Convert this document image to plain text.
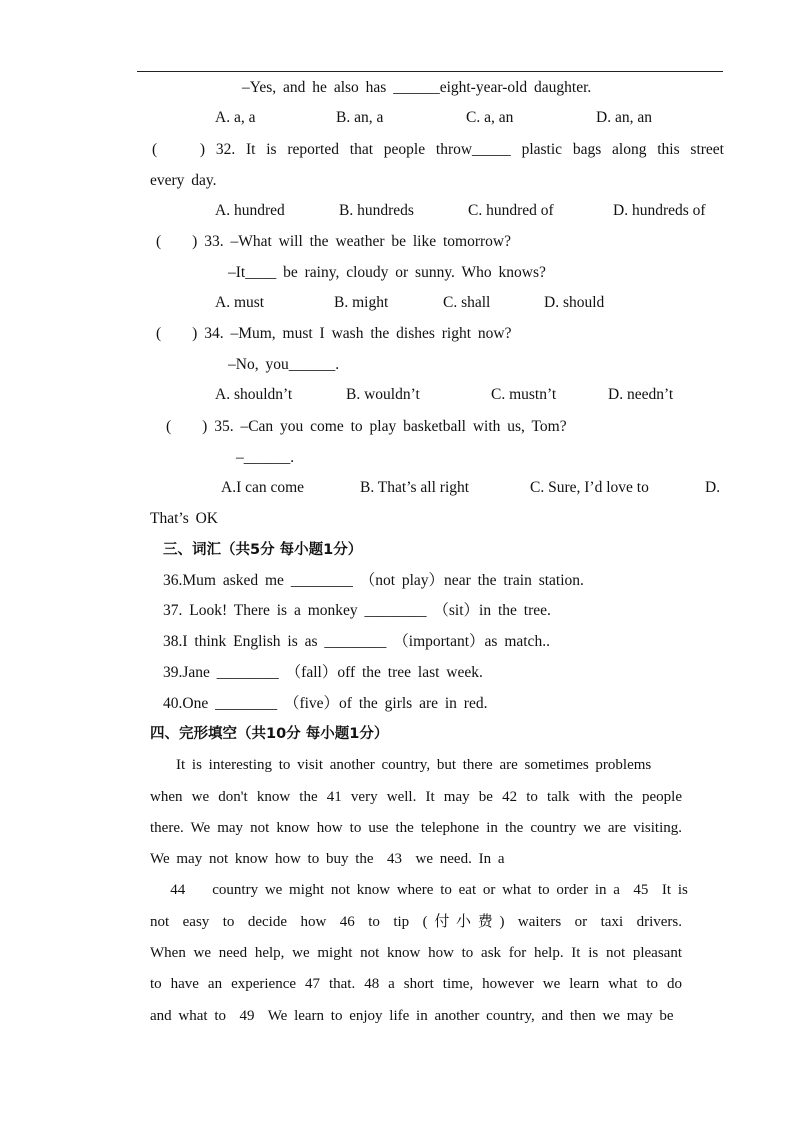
–Yes, and he also has ______eight-year-old daughter.
A. a, a	B. an, a	C. a, an	D. an, an
(　　) 32. It is reported that people throw_____ plastic bags along this street
every day.
A. hundred	B. hundreds	C. hundred of	D. hundreds of
(　　) 33. –What will the weather be like tomorrow?
–It____ be rainy, cloudy or sunny. Who knows?
A. must	B. might	C. shall	D. should
(　　) 34. –Mum, must I wash the dishes right now?
–No, you______.
A. shouldn’t	B. wouldn’t	C. mustn’t	D. needn’t
(　　) 35. –Can you come to play basketball with us, Tom?
–______.
A.I can come	B. That’s all right	C. Sure, I’d love to	D.
That’s OK
三、词汇（共5分 每小题1分）
36.Mum asked me ________ （not play）near the train station.
37. Look! There is a monkey ________ （sit）in the tree.
38.I think English is as ________ （important）as match..
39.Jane ________ （fall）off the tree last week.
40.One ________ （five）of the girls are in red.
四、完形填空（共10分 每小题1分）
It is interesting to visit another country, but there are sometimes problems
when we don't know the 41 very well. It may be 42 to talk with the people
there. We may not know how to use the telephone in the country we are visiting.
We may not know how to buy the  43  we need. In a
44    country we might not know where to eat or what to order in a  45  It is
not easy to decide how 46 to tip (付小费) waiters or taxi drivers.
When we need help, we might not know how to ask for help. It is not pleasant
to have an experience 47 that. 48 a short time, however we learn what to do
and what to  49  We learn to enjoy life in another country, and then we may be
